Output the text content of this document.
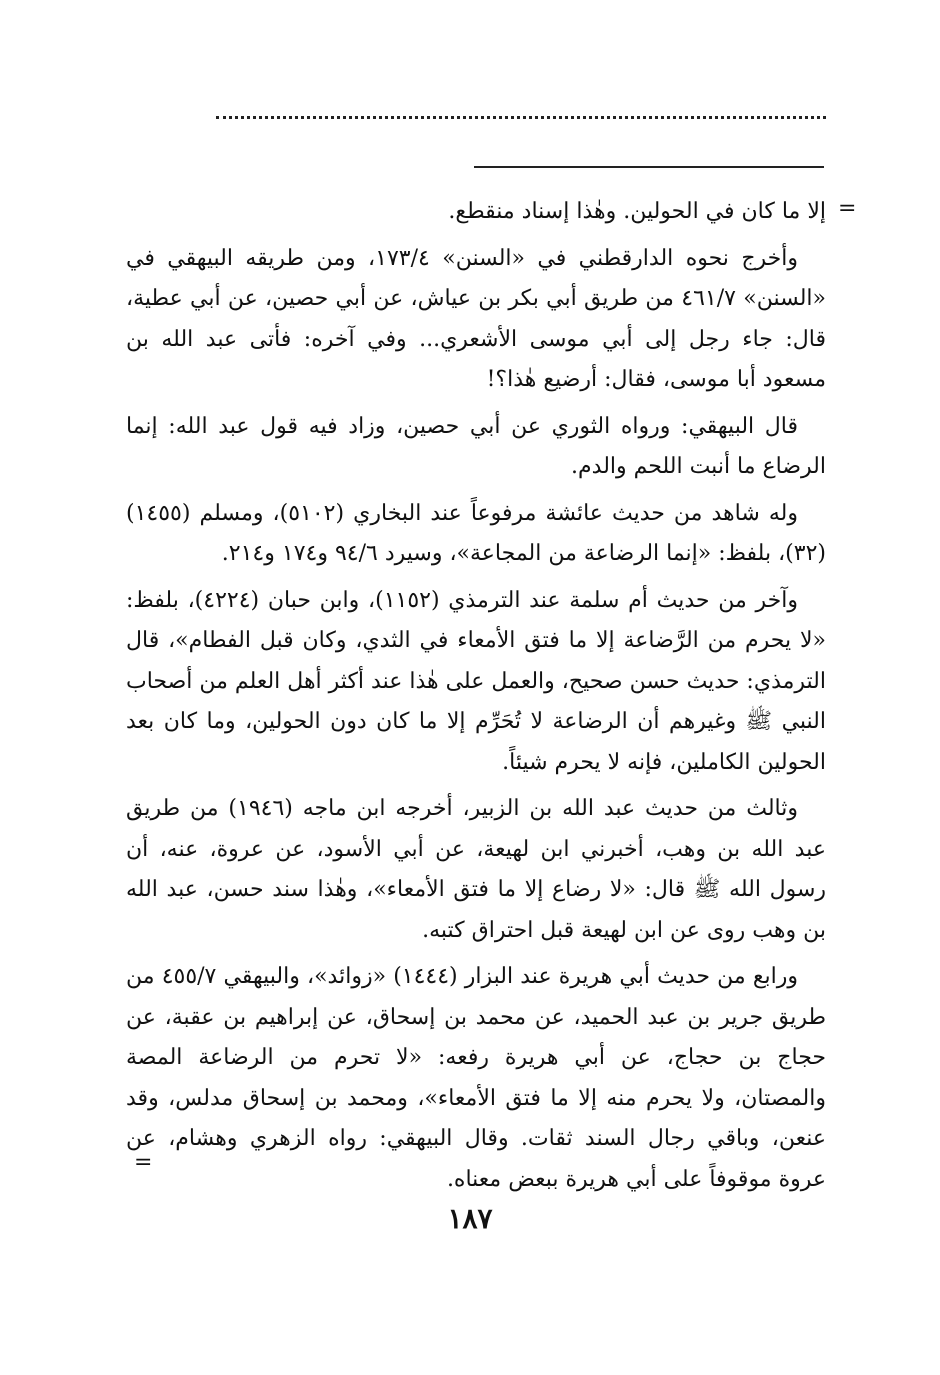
=

إلا ما كان في الحولين. وهٰذا إسناد منقطع.

وأخرج نحوه الدارقطني في «السنن» ١٧٣/٤، ومن طريقه البيهقي في «السنن» ٤٦١/٧ من طريق أبي بكر بن عياش، عن أبي حصين، عن أبي عطية، قال: جاء رجل إلى أبي موسى الأشعري... وفي آخره: فأتى عبد الله بن مسعود أبا موسى، فقال: أرضيع هٰذا؟!

قال البيهقي: ورواه الثوري عن أبي حصين، وزاد فيه قول عبد الله: إنما الرضاع ما أنبت اللحم والدم.

وله شاهد من حديث عائشة مرفوعاً عند البخاري (٥١٠٢)، ومسلم (١٤٥٥) (٣٢)، بلفظ: «إنما الرضاعة من المجاعة»، وسيرد ٩٤/٦ و١٧٤ و٢١٤.

وآخر من حديث أم سلمة عند الترمذي (١١٥٢)، وابن حبان (٤٢٢٤)، بلفظ: «لا يحرم من الرَّضاعة إلا ما فتق الأمعاء في الثدي، وكان قبل الفطام»، قال الترمذي: حديث حسن صحيح، والعمل على هٰذا عند أكثر أهل العلم من أصحاب النبي ﷺ وغيرهم أن الرضاعة لا تُحَرِّم إلا ما كان دون الحولين، وما كان بعد الحولين الكاملين، فإنه لا يحرم شيئاً.

وثالث من حديث عبد الله بن الزبير، أخرجه ابن ماجه (١٩٤٦) من طريق عبد الله بن وهب، أخبرني ابن لهيعة، عن أبي الأسود، عن عروة، عنه، أن رسول الله ﷺ قال: «لا رضاع إلا ما فتق الأمعاء»، وهٰذا سند حسن، عبد الله بن وهب روى عن ابن لهيعة قبل احتراق كتبه.

ورابع من حديث أبي هريرة عند البزار (١٤٤٤) «زوائد»، والبيهقي ٤٥٥/٧ من طريق جرير بن عبد الحميد، عن محمد بن إسحاق، عن إبراهيم بن عقبة، عن حجاج بن حجاج، عن أبي هريرة رفعه: «لا تحرم من الرضاعة المصة والمصتان، ولا يحرم منه إلا ما فتق الأمعاء»، ومحمد بن إسحاق مدلس، وقد عنعن، وباقي رجال السند ثقات. وقال البيهقي: رواه الزهري وهشام، عن عروة موقوفاً على أبي هريرة ببعض معناه.

=
١٨٧
